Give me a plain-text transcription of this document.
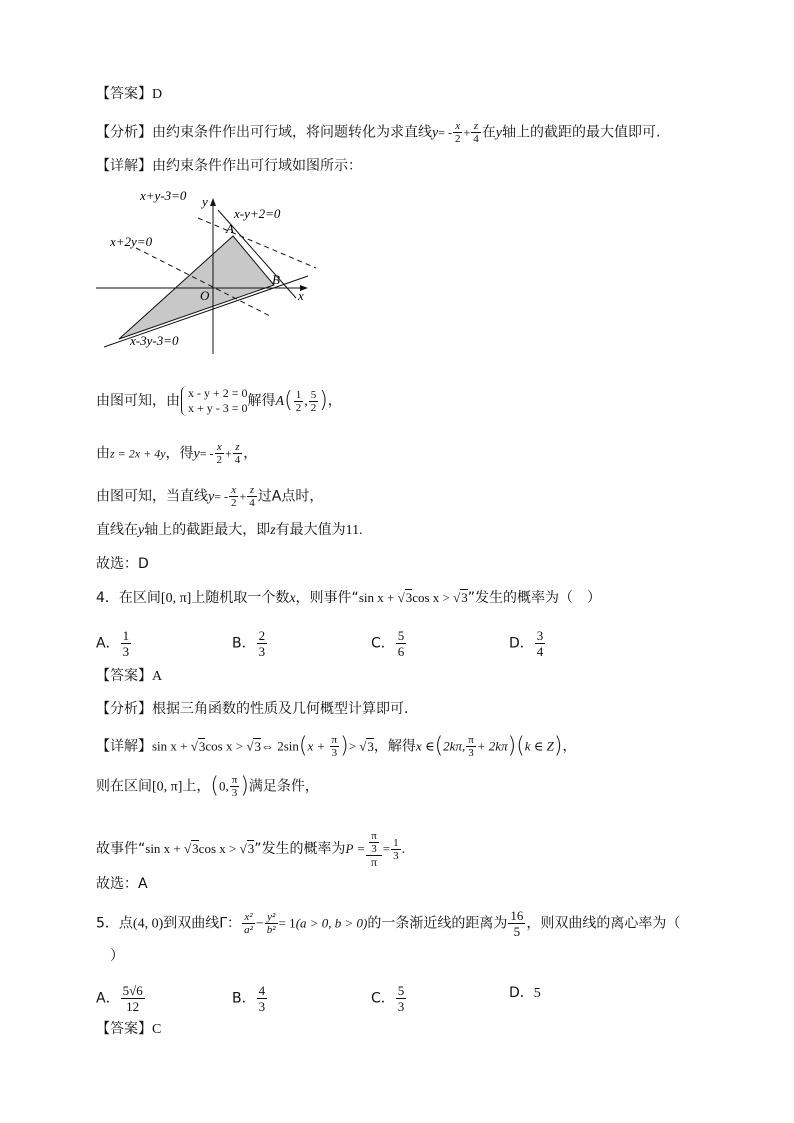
【答案】D
【分析】由约束条件作出可行域，将问题转化为求直线$y= - \frac{x}{2} + \frac{z}{4}$ 在y轴上的截距的最大值即可.
【详解】由约束条件作出可行域如图所示：
x+y-3=0
x-y+2=0
x+2y=0
x-3y-3=0
A
B
O	x
y
由图可知，由 x - y + 2 = 0
x + y - 3 = 0 解得$A( \frac{1}{2}$ , $\frac{5}{2}$ )，
由z = 2x + 4y，得$y= - \frac{x}{2} + \frac{z}{4}$ ，
由图可知，当直线$y= - \frac{x}{2} + \frac{z}{4}$ 过A点时，
直线在y轴上的截距最大，即z有最大值为11.
故选：D
4．在区间[0, π]上随机取一个数x，则事件“sin x + √3cos x > √3”发生的概率为（　）
A． $\frac{1}{3}$	B． $\frac{2}{3}$	C． $\frac{5}{6}$	D． $\frac{3}{4}$
【答案】A
【分析】根据三角函数的性质及几何概型计算即可.
【详解】sin x + √3cos x > √3⇔ $2\sin(x + \frac{\pi}{3}$ )> √3，解得x ∈(2kπ, $\frac{\pi}{3} + 2k\pi)(k$ ∈ Z)，
则在区间[0, π]上，(0, $\frac{\pi}{3}$ )满足条件，
故事件“sin x + √3cos x > √3”发生的概率为$P = \frac{\frac{\pi}{3}}{\pi} = \frac{1}{3}$ .
故选：A
5．点(4, 0)到双曲线Γ： $\frac{\text{x²}}{\text{a²}} - \frac{\text{y²}}{\text{b²}} = 1(a > 0$, b > 0)的一条渐近线的距离为 $\frac{16}{5}$ ，则双曲线的离心率为（
）
A． $\frac{5√6}{12}$	B． $\frac{4}{3}$	C． $\frac{5}{3}$	D．5
【答案】C
